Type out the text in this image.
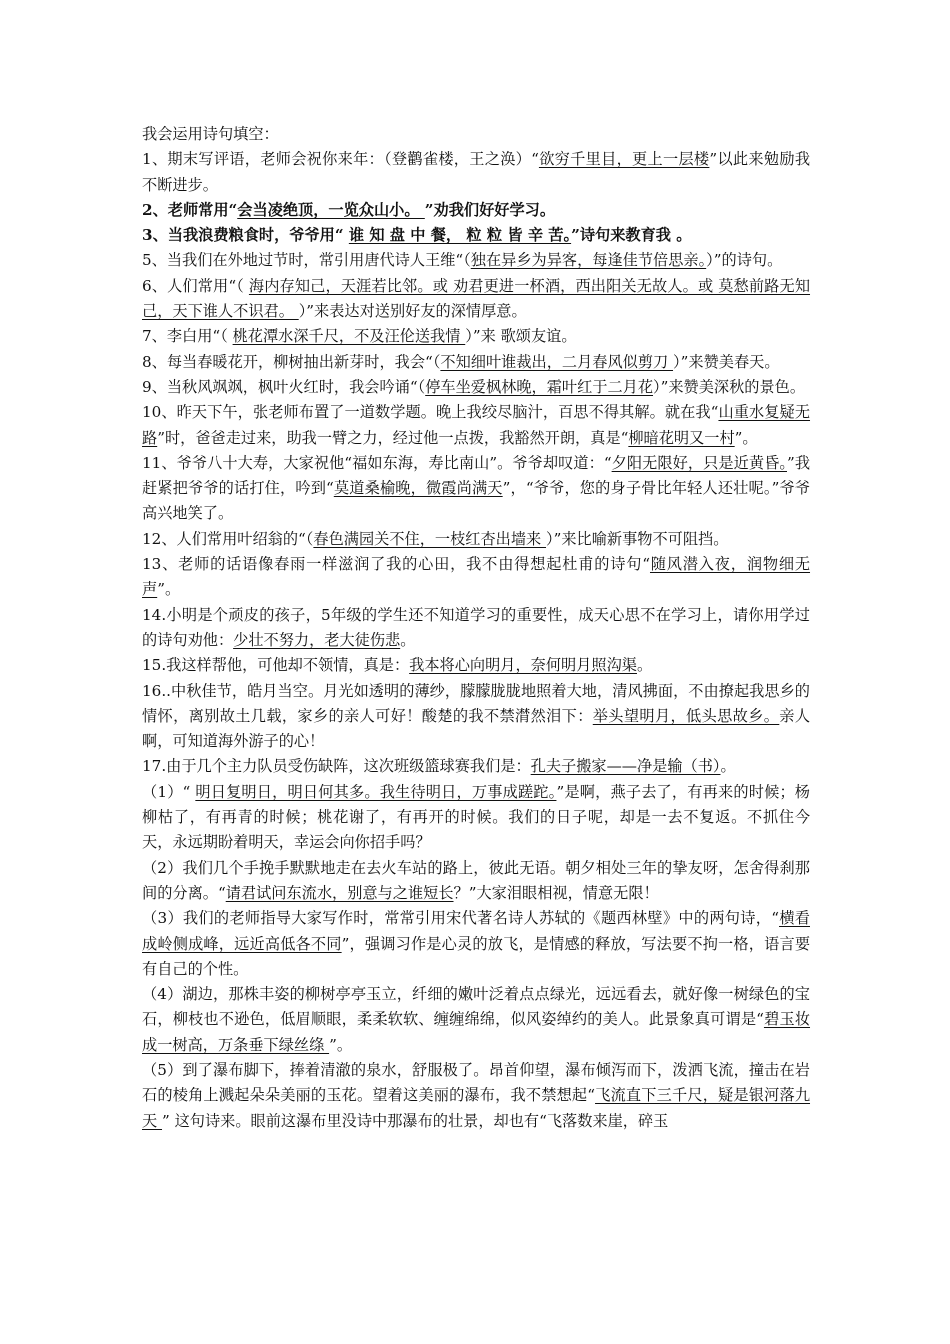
我会运用诗句填空：

1、期末写评语，老师会祝你来年：（登鹳雀楼，王之涣）“欲穷千里目，更上一层楼”以此来勉励我不断进步。

2、老师常用“会当凌绝顶，一览众山小。 ”劝我们好好学习。

3、当我浪费粮食时，爷爷用“ 谁 知 盘 中 餐， 粒 粒 皆 辛 苦。”诗句来教育我 。

5、当我们在外地过节时，常引用唐代诗人王维“（独在异乡为异客，每逢佳节倍思亲。）”的诗句。

6、人们常用“（ 海内存知己，天涯若比邻。或 劝君更进一杯酒，西出阳关无故人。或 莫愁前路无知己，天下谁人不识君。 ）”来表达对送别好友的深情厚意。

7、李白用“（ 桃花潭水深千尺，不及汪伦送我情 ）”来 歌颂友谊。

8、每当春暖花开，柳树抽出新芽时，我会“（不知细叶谁裁出，二月春风似剪刀 ）”来赞美春天。

9、当秋风飒飒，枫叶火红时，我会吟诵“（停车坐爱枫林晚，霜叶红于二月花）”来赞美深秋的景色。

10、昨天下午，张老师布置了一道数学题。晚上我绞尽脑汁，百思不得其解。就在我“山重水复疑无路”时，爸爸走过来，助我一臂之力，经过他一点拨，我豁然开朗，真是“柳暗花明又一村”。

11、爷爷八十大寿，大家祝他“福如东海，寿比南山”。爷爷却叹道：“夕阳无限好，只是近黄昏。”我赶紧把爷爷的话打住，吟到“莫道桑榆晚，微霞尚满天”，“爷爷，您的身子骨比年轻人还壮呢。”爷爷高兴地笑了。

12、人们常用叶绍翁的“（春色满园关不住，一枝红杏出墙来 ）”来比喻新事物不可阻挡。

13、老师的话语像春雨一样滋润了我的心田，我不由得想起杜甫的诗句“随风潜入夜，润物细无声”。

14.小明是个顽皮的孩子，5年级的学生还不知道学习的重要性，成天心思不在学习上，请你用学过的诗句劝他：少壮不努力，老大徒伤悲。

15.我这样帮他，可他却不领情，真是：我本将心向明月，奈何明月照沟渠。

16..中秋佳节，皓月当空。月光如透明的薄纱，朦朦胧胧地照着大地，清风拂面，不由撩起我思乡的情怀，离别故土几载，家乡的亲人可好！酸楚的我不禁潸然泪下：举头望明月，低头思故乡。亲人啊，可知道海外游子的心！

17.由于几个主力队员受伤缺阵，这次班级篮球赛我们是：孔夫子搬家——净是输（书）。

（1）“ 明日复明日，明日何其多。我生待明日，万事成蹉跎。”是啊，燕子去了，有再来的时候；杨柳枯了，有再青的时候；桃花谢了，有再开的时候。我们的日子呢，却是一去不复返。不抓住今天，永远期盼着明天，幸运会向你招手吗？

（2）我们几个手挽手默默地走在去火车站的路上，彼此无语。朝夕相处三年的挚友呀，怎舍得刹那间的分离。“请君试问东流水，别意与之谁短长？”大家泪眼相视，情意无限！

（3）我们的老师指导大家写作时，常常引用宋代著名诗人苏轼的《题西林壁》中的两句诗，“横看成岭侧成峰，远近高低各不同”，强调习作是心灵的放飞，是情感的释放，写法要不拘一格，语言要有自己的个性。

（4）湖边，那株丰姿的柳树亭亭玉立，纤细的嫩叶泛着点点绿光，远远看去，就好像一树绿色的宝石，柳枝也不逊色，低眉顺眼，柔柔软软、缠缠绵绵，似风姿绰约的美人。此景象真可谓是“碧玉妆成一树高，万条垂下绿丝绦 ”。

（5）到了瀑布脚下，捧着清澈的泉水，舒服极了。昂首仰望，瀑布倾泻而下，泼洒飞流，撞击在岩石的棱角上溅起朵朵美丽的玉花。望着这美丽的瀑布，我不禁想起“飞流直下三千尺，疑是银河落九天 ” 这句诗来。眼前这瀑布里没诗中那瀑布的壮景，却也有“飞落数来崖，碎玉
